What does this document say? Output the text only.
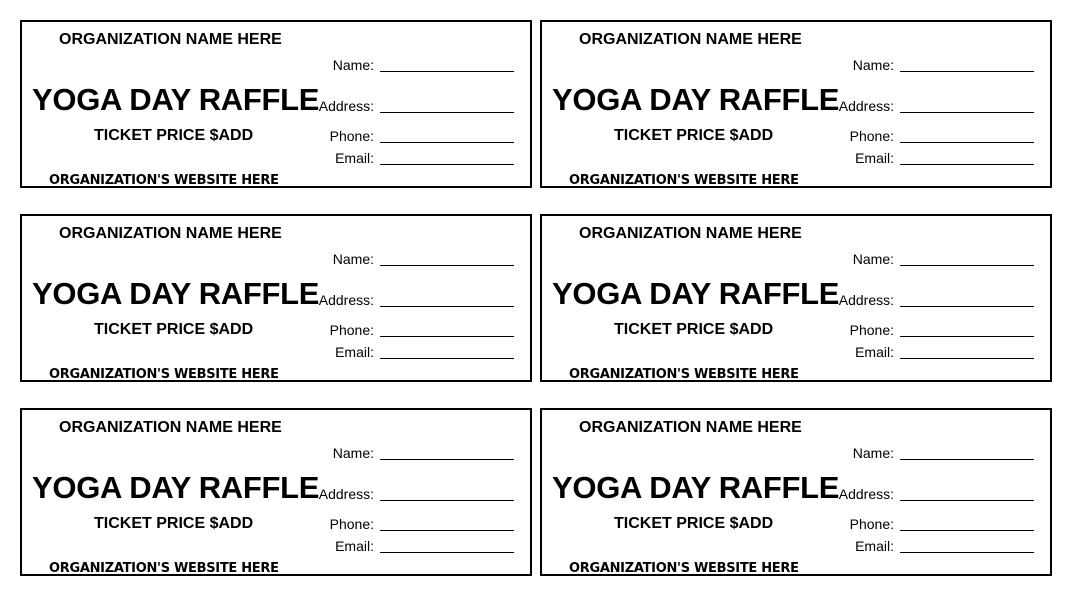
ORGANIZATION NAME HERE
YOGA DAY RAFFLE
TICKET PRICE $ADD
ORGANIZATION'S WEBSITE HERE
Name:
Address:
Phone:
Email:
ORGANIZATION NAME HERE
YOGA DAY RAFFLE
TICKET PRICE $ADD
ORGANIZATION'S WEBSITE HERE
Name:
Address:
Phone:
Email:
ORGANIZATION NAME HERE
YOGA DAY RAFFLE
TICKET PRICE $ADD
ORGANIZATION'S WEBSITE HERE
Name:
Address:
Phone:
Email:
ORGANIZATION NAME HERE
YOGA DAY RAFFLE
TICKET PRICE $ADD
ORGANIZATION'S WEBSITE HERE
Name:
Address:
Phone:
Email:
ORGANIZATION NAME HERE
YOGA DAY RAFFLE
TICKET PRICE $ADD
ORGANIZATION'S WEBSITE HERE
Name:
Address:
Phone:
Email:
ORGANIZATION NAME HERE
YOGA DAY RAFFLE
TICKET PRICE $ADD
ORGANIZATION'S WEBSITE HERE
Name:
Address:
Phone:
Email:
